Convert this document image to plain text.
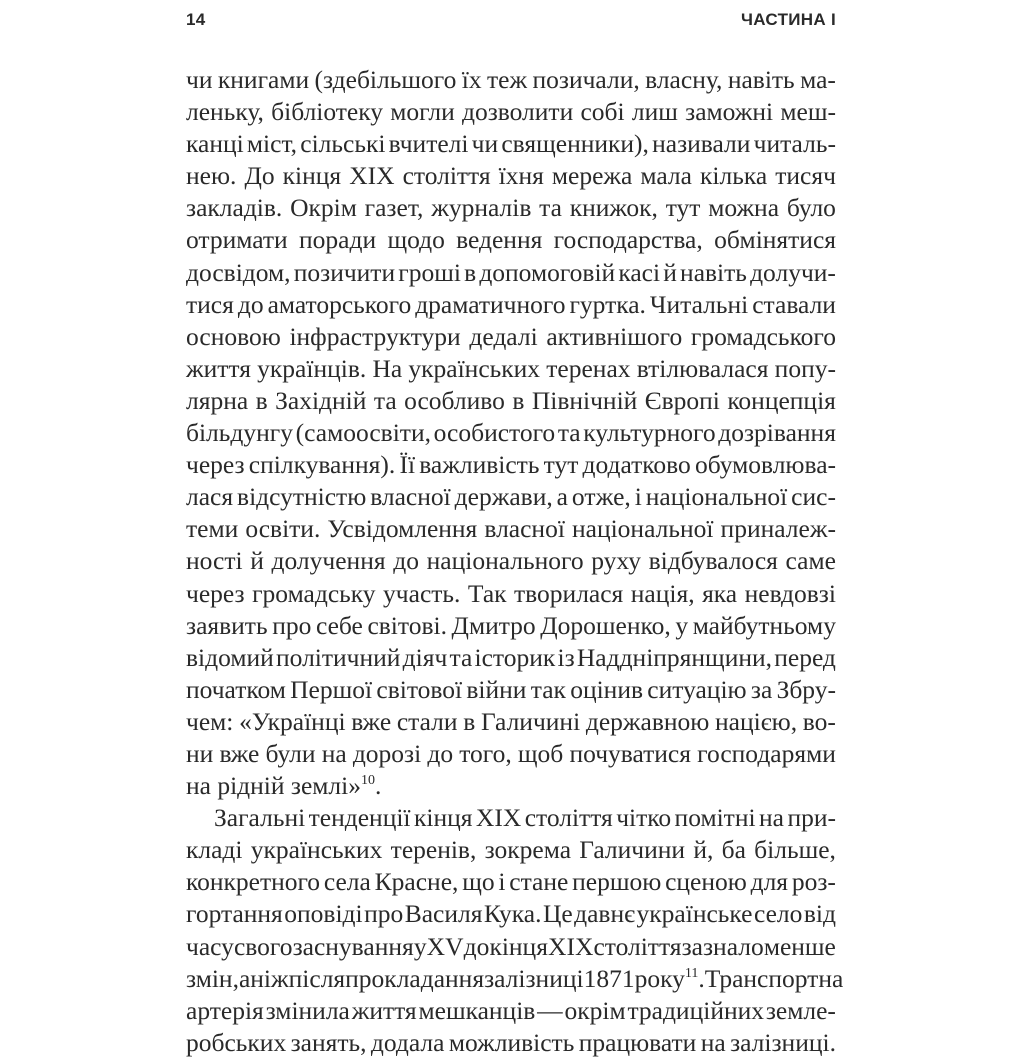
14	ЧАСТИНА І
чи книгами (здебільшого їх теж позичали, власну, навіть ма-
леньку, бібліотеку могли дозволити собі лиш заможні меш-
канці міст, сільські вчителі чи священники), називали читаль-
нею. До кінця XIX століття їхня мережа мала кілька тисяч
закладів. Окрім газет, журналів та книжок, тут можна було
отримати поради щодо ведення господарства, обмінятися
досвідом, позичити гроші в допомоговій касі й навіть долучи-
тися до аматорського драматичного гуртка. Читальні ставали
основою інфраструктури дедалі активнішого громадського
життя українців. На українських теренах втілювалася попу-
лярна в Західній та особливо в Північній Європі концепція
більдунгу (самоосвіти, особистого та культурного дозрівання
через спілкування). Її важливість тут додатково обумовлюва-
лася відсутністю власної держави, а отже, і національної сис-
теми освіти. Усвідомлення власної національної приналеж-
ності й долучення до національного руху відбувалося саме
через громадську участь. Так творилася нація, яка невдовзі
заявить про себе світові. Дмитро Дорошенко, у майбутньому
відомий політичний діяч та історик із Наддніпрянщини, перед
початком Першої світової війни так оцінив ситуацію за Збру-
чем: «Українці вже стали в Галичині державною нацією, во-
ни вже були на дорозі до того, щоб почуватися господарями
на рідній землі»$^{10}$.
Загальні тенденції кінця XIX століття чітко помітні на при-
кладі українських теренів, зокрема Галичини й, ба більше,
конкретного села Красне, що і стане першою сценою для роз-
гортання оповіді про Василя Кука. Це давнє українське село від
часу свого заснування у XV до кінця XIX століття зазнало менше
змін, аніж після прокладання залізниці 1871 року$^{11}$. Транспортна
артерія змінила життя мешканців — окрім традиційних земле-
робських занять, додала можливість працювати на залізниці.
